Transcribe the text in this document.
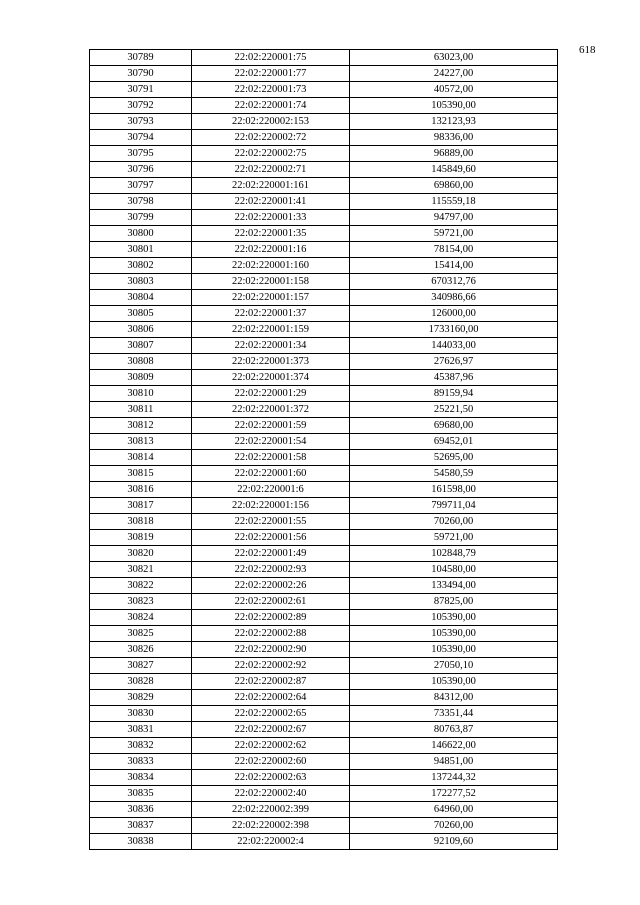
618
30789	22:02:220001:75	63023,00
30790	22:02:220001:77	24227,00
30791	22:02:220001:73	40572,00
30792	22:02:220001:74	105390,00
30793	22:02:220002:153	132123,93
30794	22:02:220002:72	98336,00
30795	22:02:220002:75	96889,00
30796	22:02:220002:71	145849,60
30797	22:02:220001:161	69860,00
30798	22:02:220001:41	115559,18
30799	22:02:220001:33	94797,00
30800	22:02:220001:35	59721,00
30801	22:02:220001:16	78154,00
30802	22:02:220001:160	15414,00
30803	22:02:220001:158	670312,76
30804	22:02:220001:157	340986,66
30805	22:02:220001:37	126000,00
30806	22:02:220001:159	1733160,00
30807	22:02:220001:34	144033,00
30808	22:02:220001:373	27626,97
30809	22:02:220001:374	45387,96
30810	22:02:220001:29	89159,94
30811	22:02:220001:372	25221,50
30812	22:02:220001:59	69680,00
30813	22:02:220001:54	69452,01
30814	22:02:220001:58	52695,00
30815	22:02:220001:60	54580,59
30816	22:02:220001:6	161598,00
30817	22:02:220001:156	799711,04
30818	22:02:220001:55	70260,00
30819	22:02:220001:56	59721,00
30820	22:02:220001:49	102848,79
30821	22:02:220002:93	104580,00
30822	22:02:220002:26	133494,00
30823	22:02:220002:61	87825,00
30824	22:02:220002:89	105390,00
30825	22:02:220002:88	105390,00
30826	22:02:220002:90	105390,00
30827	22:02:220002:92	27050,10
30828	22:02:220002:87	105390,00
30829	22:02:220002:64	84312,00
30830	22:02:220002:65	73351,44
30831	22:02:220002:67	80763,87
30832	22:02:220002:62	146622,00
30833	22:02:220002:60	94851,00
30834	22:02:220002:63	137244,32
30835	22:02:220002:40	172277,52
30836	22:02:220002:399	64960,00
30837	22:02:220002:398	70260,00
30838	22:02:220002:4	92109,60
